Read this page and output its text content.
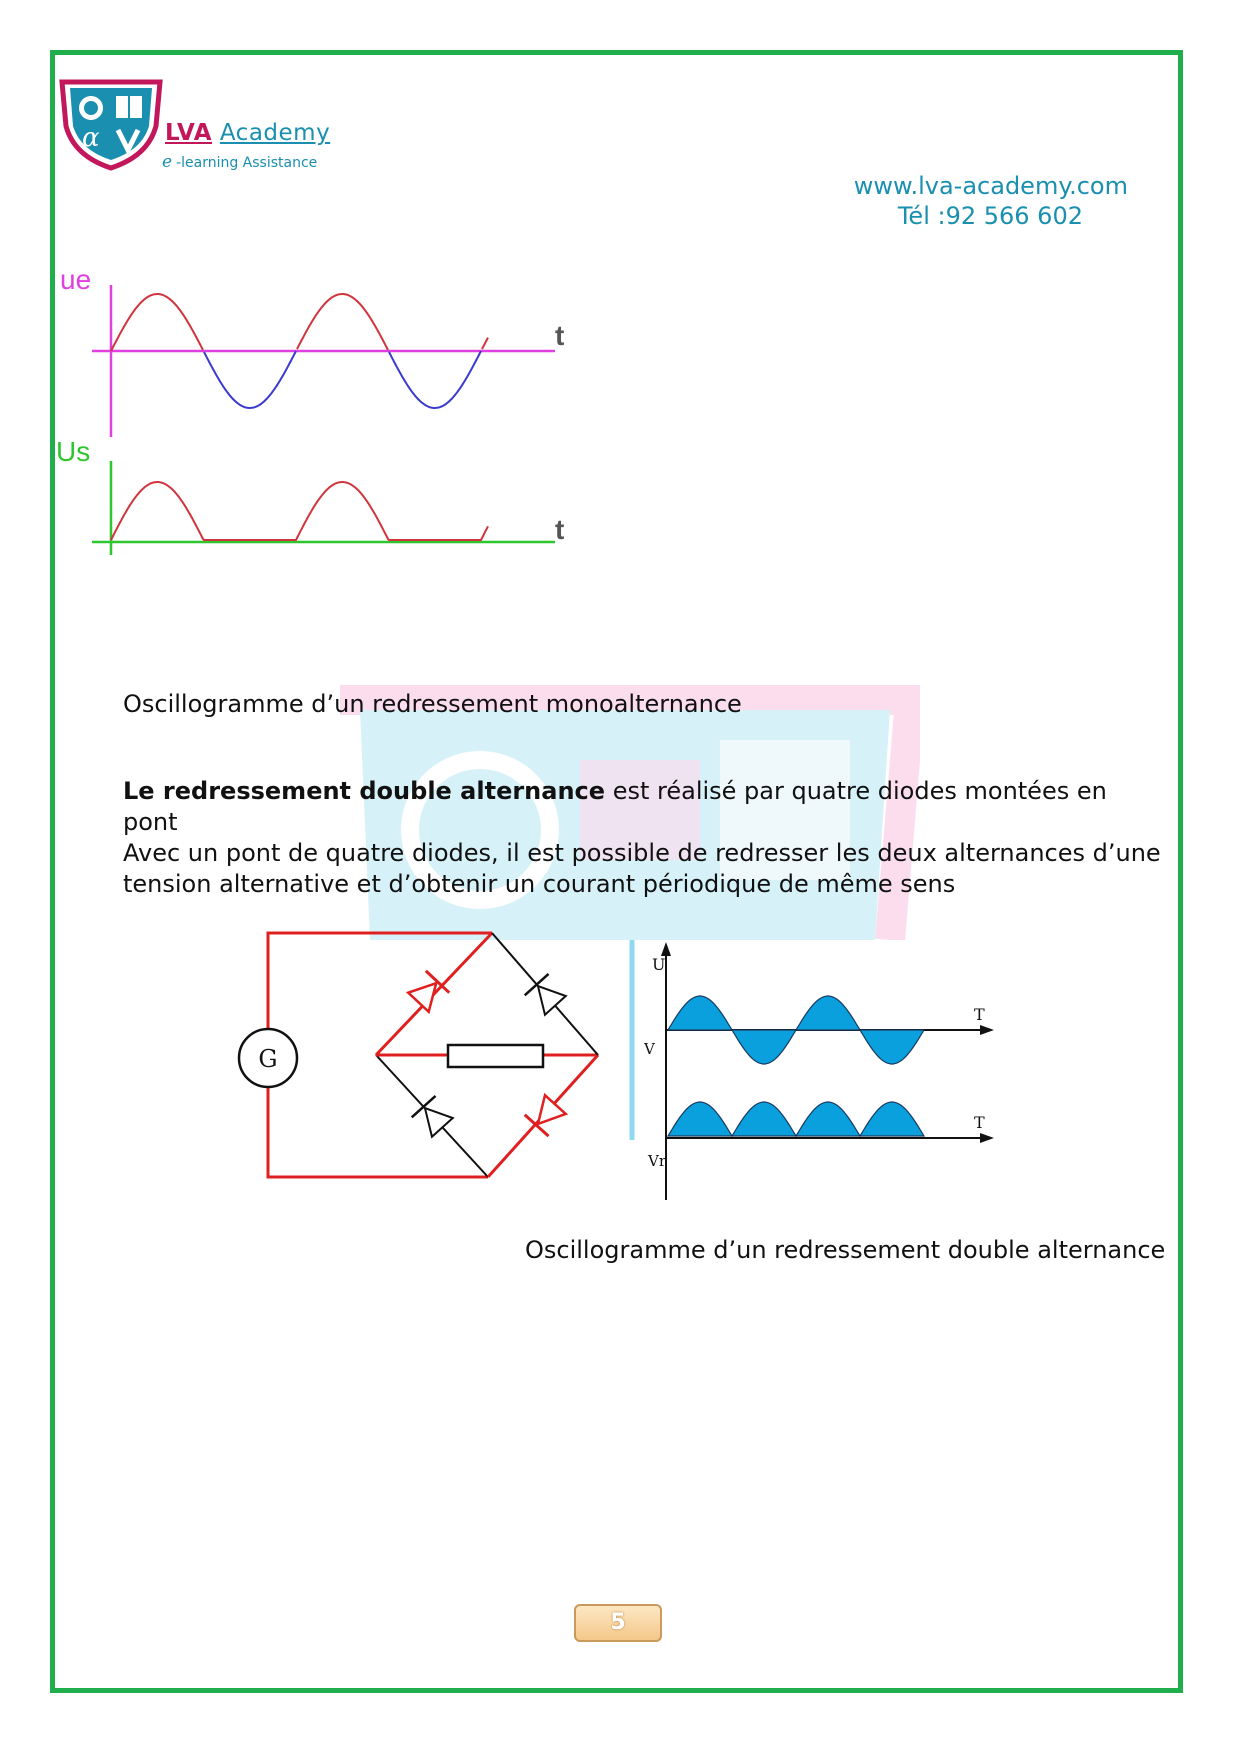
α	LVA Academy
e -learning Assistance
www.lva-academy.com
Tél :92 566 602
ue
t
Us
t
Oscillogramme d’un redressement monoalternance
Le redressement double alternance est réalisé par quatre diodes montées en pont
Avec un pont de quatre diodes, il est possible de redresser les deux alternances d’une tension alternative et d’obtenir un courant périodique de même sens
G
U
V
Vr
T
T
Oscillogramme d’un redressement double alternance
5
